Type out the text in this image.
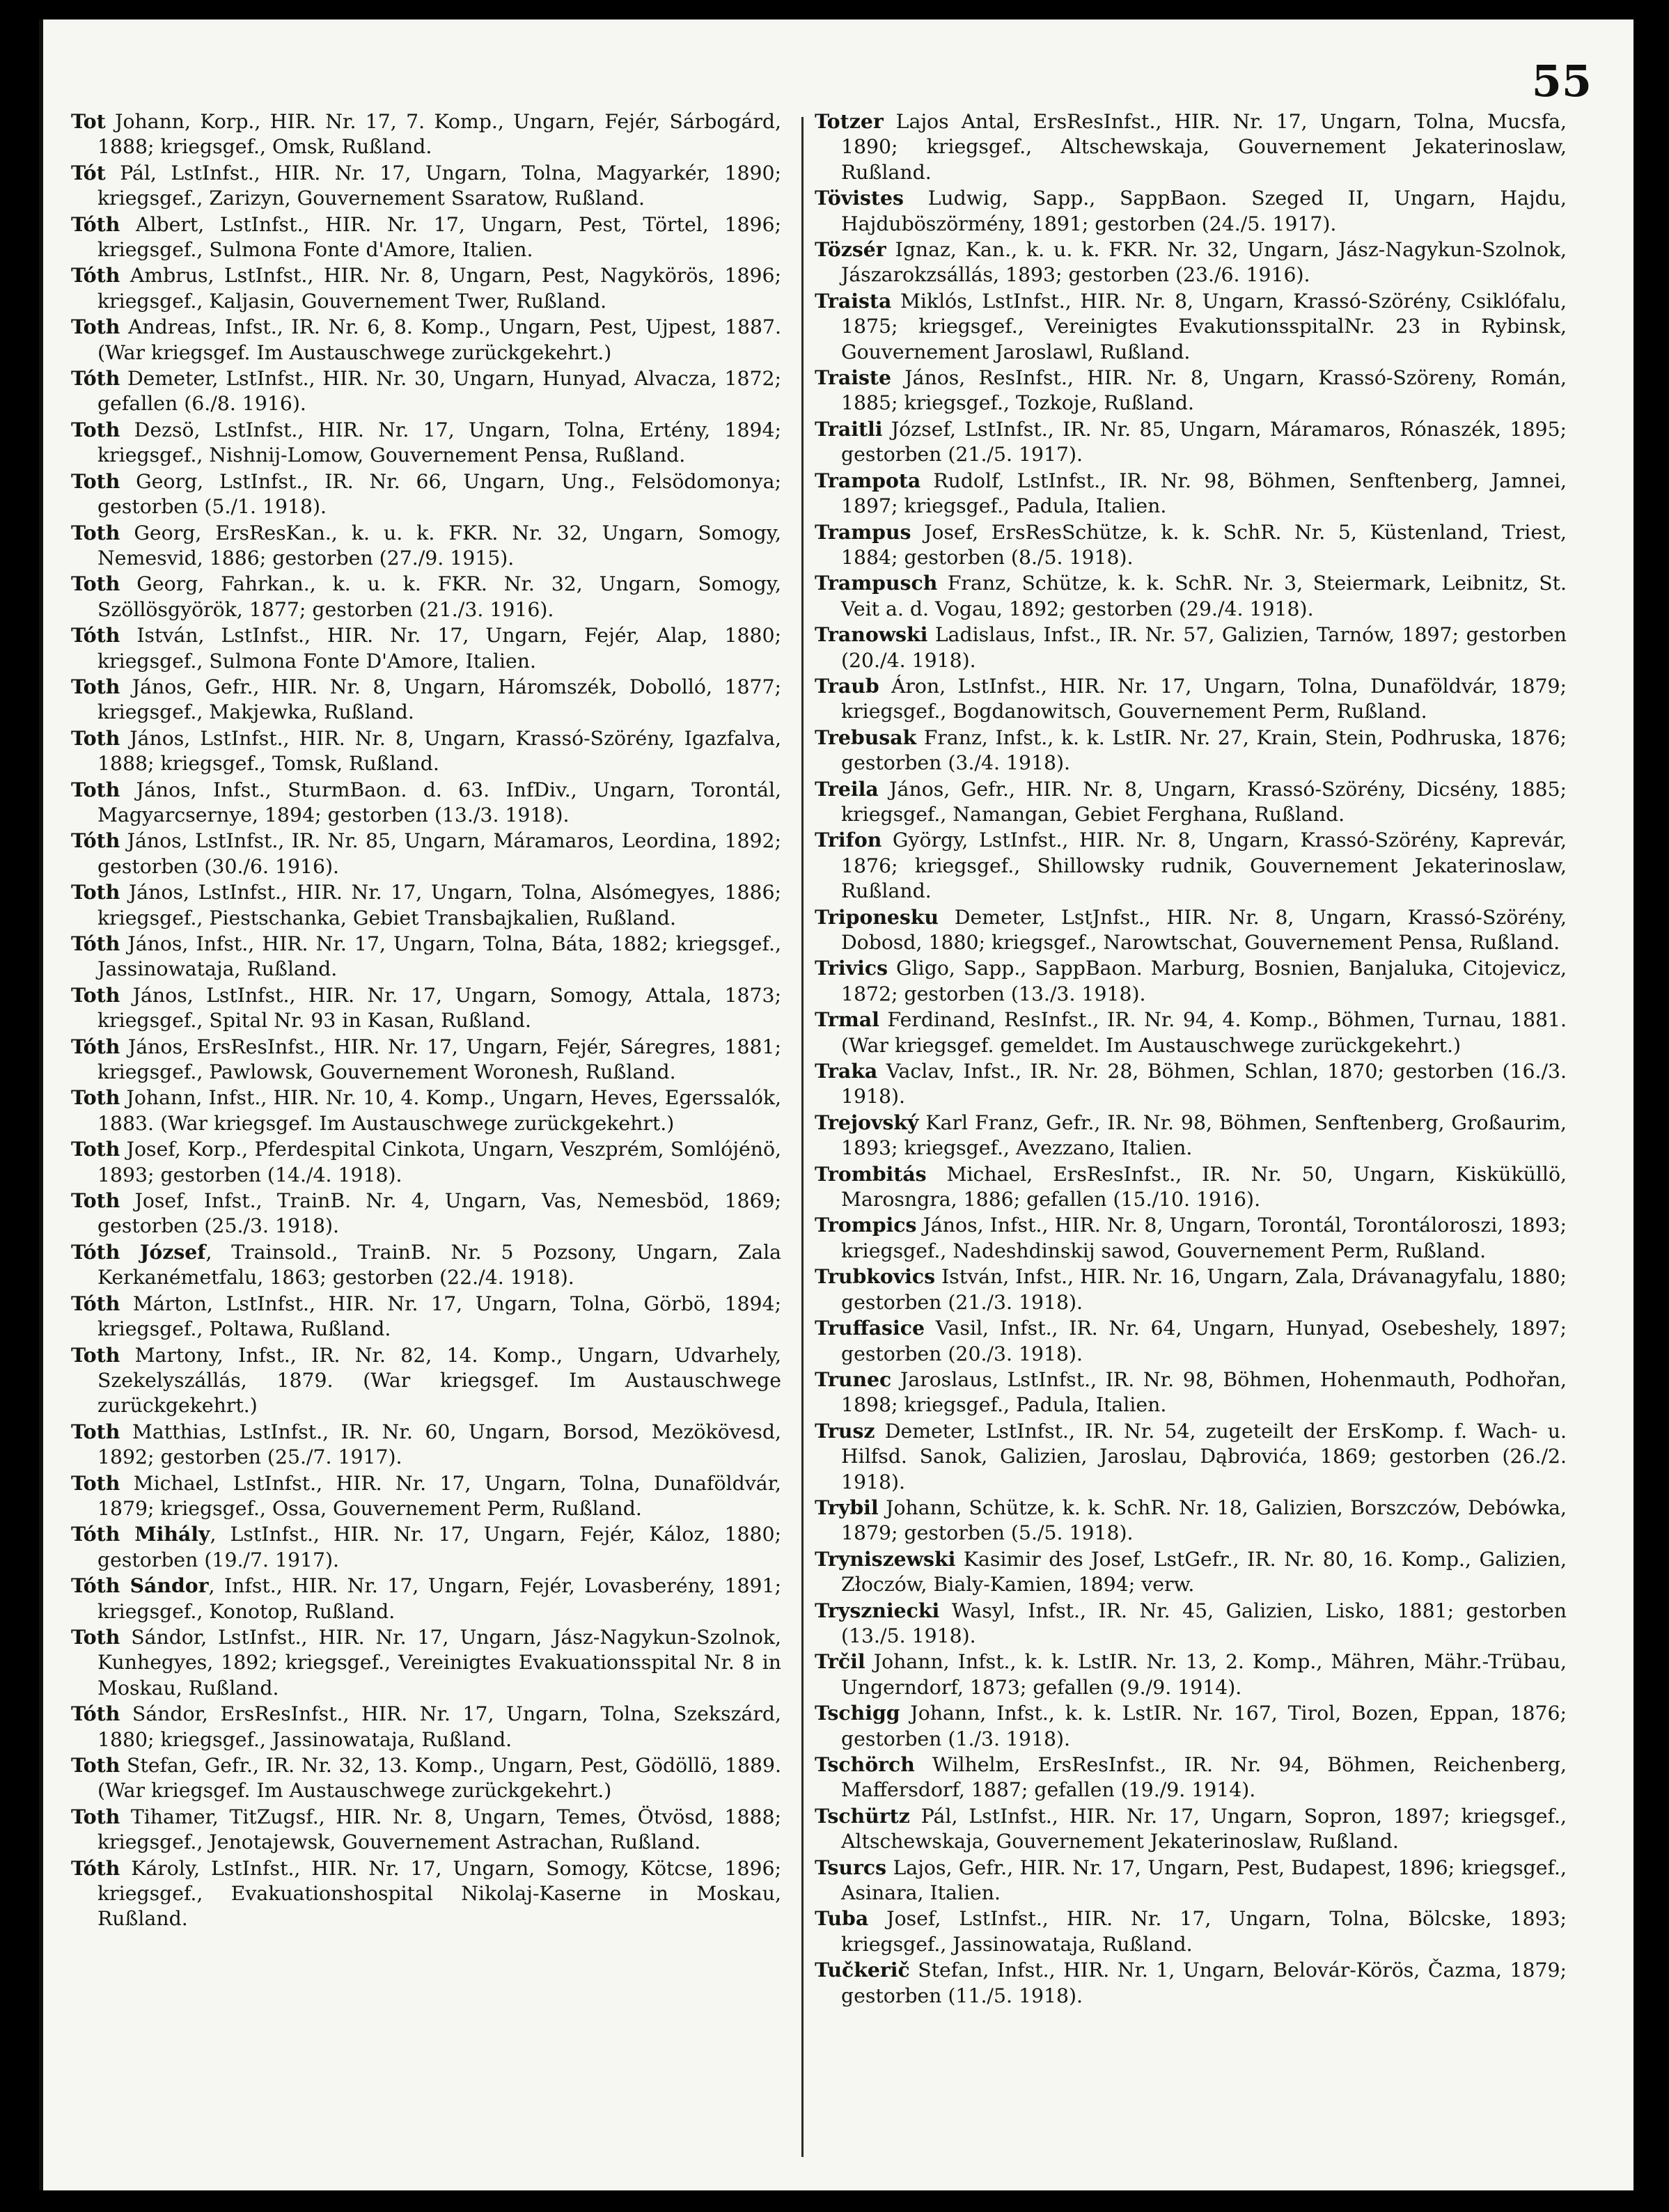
55

Tot Johann, Korp., HIR. Nr. 17, 7. Komp., Ungarn, Fejér, Sárbogárd, 1888; kriegsgef., Omsk, Rußland.

Tót Pál, LstInfst., HIR. Nr. 17, Ungarn, Tolna, Magyarkér, 1890; kriegsgef., Zarizyn, Gouvernement Ssaratow, Rußland.

Tóth Albert, LstInfst., HIR. Nr. 17, Ungarn, Pest, Törtel, 1896; kriegsgef., Sulmona Fonte d'Amore, Italien.

Tóth Ambrus, LstInfst., HIR. Nr. 8, Ungarn, Pest, Nagykörös, 1896; kriegsgef., Kaljasin, Gouvernement Twer, Rußland.

Toth Andreas, Infst., IR. Nr. 6, 8. Komp., Ungarn, Pest, Ujpest, 1887. (War kriegsgef. Im Austauschwege zurückgekehrt.)

Tóth Demeter, LstInfst., HIR. Nr. 30, Ungarn, Hunyad, Alvacza, 1872; gefallen (6./8. 1916).

Toth Dezsö, LstInfst., HIR. Nr. 17, Ungarn, Tolna, Ertény, 1894; kriegsgef., Nishnij-Lomow, Gouvernement Pensa, Rußland.

Toth Georg, LstInfst., IR. Nr. 66, Ungarn, Ung., Felsödomonya; gestorben (5./1. 1918).

Toth Georg, ErsResKan., k. u. k. FKR. Nr. 32, Ungarn, Somogy, Nemesvid, 1886; gestorben (27./9. 1915).

Toth Georg, Fahrkan., k. u. k. FKR. Nr. 32, Ungarn, Somogy, Szöllösgyörök, 1877; gestorben (21./3. 1916).

Tóth István, LstInfst., HIR. Nr. 17, Ungarn, Fejér, Alap, 1880; kriegsgef., Sulmona Fonte D'Amore, Italien.

Toth János, Gefr., HIR. Nr. 8, Ungarn, Háromszék, Dobolló, 1877; kriegsgef., Makjewka, Rußland.

Toth János, LstInfst., HIR. Nr. 8, Ungarn, Krassó-Szörény, Igazfalva, 1888; kriegsgef., Tomsk, Rußland.

Toth János, Infst., SturmBaon. d. 63. InfDiv., Ungarn, Torontál, Magyarcsernye, 1894; gestorben (13./3. 1918).

Tóth János, LstInfst., IR. Nr. 85, Ungarn, Máramaros, Leordina, 1892; gestorben (30./6. 1916).

Toth János, LstInfst., HIR. Nr. 17, Ungarn, Tolna, Alsómegyes, 1886; kriegsgef., Piestschanka, Gebiet Transbajkalien, Rußland.

Tóth János, Infst., HIR. Nr. 17, Ungarn, Tolna, Báta, 1882; kriegsgef., Jassinowataja, Rußland.

Toth János, LstInfst., HIR. Nr. 17, Ungarn, Somogy, Attala, 1873; kriegsgef., Spital Nr. 93 in Kasan, Rußland.

Tóth János, ErsResInfst., HIR. Nr. 17, Ungarn, Fejér, Sáregres, 1881; kriegsgef., Pawlowsk, Gouvernement Woronesh, Rußland.

Toth Johann, Infst., HIR. Nr. 10, 4. Komp., Ungarn, Heves, Egerssalók, 1883. (War kriegsgef. Im Austauschwege zurückgekehrt.)

Toth Josef, Korp., Pferdespital Cinkota, Ungarn, Veszprém, Somlójénö, 1893; gestorben (14./4. 1918).

Toth Josef, Infst., TrainB. Nr. 4, Ungarn, Vas, Nemesböd, 1869; gestorben (25./3. 1918).

Tóth József, Trainsold., TrainB. Nr. 5 Pozsony, Ungarn, Zala Kerkanémetfalu, 1863; gestorben (22./4. 1918).

Tóth Márton, LstInfst., HIR. Nr. 17, Ungarn, Tolna, Görbö, 1894; kriegsgef., Poltawa, Rußland.

Toth Martony, Infst., IR. Nr. 82, 14. Komp., Ungarn, Udvarhely, Szekelyszállás, 1879. (War kriegsgef. Im Austauschwege zurückgekehrt.)

Toth Matthias, LstInfst., IR. Nr. 60, Ungarn, Borsod, Mezökövesd, 1892; gestorben (25./7. 1917).

Toth Michael, LstInfst., HIR. Nr. 17, Ungarn, Tolna, Dunaföldvár, 1879; kriegsgef., Ossa, Gouvernement Perm, Rußland.

Tóth Mihály, LstInfst., HIR. Nr. 17, Ungarn, Fejér, Káloz, 1880; gestorben (19./7. 1917).

Tóth Sándor, Infst., HIR. Nr. 17, Ungarn, Fejér, Lovasberény, 1891; kriegsgef., Konotop, Rußland.

Toth Sándor, LstInfst., HIR. Nr. 17, Ungarn, Jász-Nagykun-Szolnok, Kunhegyes, 1892; kriegsgef., Vereinigtes Evakuationsspital Nr. 8 in Moskau, Rußland.

Tóth Sándor, ErsResInfst., HIR. Nr. 17, Ungarn, Tolna, Szekszárd, 1880; kriegsgef., Jassinowataja, Rußland.

Toth Stefan, Gefr., IR. Nr. 32, 13. Komp., Ungarn, Pest, Gödöllö, 1889. (War kriegsgef. Im Austauschwege zurückgekehrt.)

Toth Tihamer, TitZugsf., HIR. Nr. 8, Ungarn, Temes, Ötvösd, 1888; kriegsgef., Jenotajewsk, Gouvernement Astrachan, Rußland.

Tóth Károly, LstInfst., HIR. Nr. 17, Ungarn, Somogy, Kötcse, 1896; kriegsgef., Evakuationshospital Nikolaj-Kaserne in Moskau, Rußland.

Totzer Lajos Antal, ErsResInfst., HIR. Nr. 17, Ungarn, Tolna, Mucsfa, 1890; kriegsgef., Altschewskaja, Gouvernement Jekaterinoslaw, Rußland.

Tövistes Ludwig, Sapp., SappBaon. Szeged II, Ungarn, Hajdu, Hajduböszörmény, 1891; gestorben (24./5. 1917).

Tözsér Ignaz, Kan., k. u. k. FKR. Nr. 32, Ungarn, Jász-Nagykun-Szolnok, Jászarokzsállás, 1893; gestorben (23./6. 1916).

Traista Miklós, LstInfst., HIR. Nr. 8, Ungarn, Krassó-Szörény, Csiklófalu, 1875; kriegsgef., Vereinigtes EvakutionsspitalNr. 23 in Rybinsk, Gouvernement Jaroslawl, Rußland.

Traiste János, ResInfst., HIR. Nr. 8, Ungarn, Krassó-Szöreny, Román, 1885; kriegsgef., Tozkoje, Rußland.

Traitli József, LstInfst., IR. Nr. 85, Ungarn, Máramaros, Rónaszék, 1895; gestorben (21./5. 1917).

Trampota Rudolf, LstInfst., IR. Nr. 98, Böhmen, Senftenberg, Jamnei, 1897; kriegsgef., Padula, Italien.

Trampus Josef, ErsResSchütze, k. k. SchR. Nr. 5, Küstenland, Triest, 1884; gestorben (8./5. 1918).

Trampusch Franz, Schütze, k. k. SchR. Nr. 3, Steiermark, Leibnitz, St. Veit a. d. Vogau, 1892; gestorben (29./4. 1918).

Tranowski Ladislaus, Infst., IR. Nr. 57, Galizien, Tarnów, 1897; gestorben (20./4. 1918).

Traub Áron, LstInfst., HIR. Nr. 17, Ungarn, Tolna, Dunaföldvár, 1879; kriegsgef., Bogdanowitsch, Gouvernement Perm, Rußland.

Trebusak Franz, Infst., k. k. LstIR. Nr. 27, Krain, Stein, Podhruska, 1876; gestorben (3./4. 1918).

Treila János, Gefr., HIR. Nr. 8, Ungarn, Krassó-Szörény, Dicsény, 1885; kriegsgef., Namangan, Gebiet Ferghana, Rußland.

Trifon György, LstInfst., HIR. Nr. 8, Ungarn, Krassó-Szörény, Kaprevár, 1876; kriegsgef., Shillowsky rudnik, Gouvernement Jekaterinoslaw, Rußland.

Triponesku Demeter, LstJnfst., HIR. Nr. 8, Ungarn, Krassó-Szörény, Dobosd, 1880; kriegsgef., Narowtschat, Gouvernement Pensa, Rußland.

Trivics Gligo, Sapp., SappBaon. Marburg, Bosnien, Banjaluka, Citojevicz, 1872; gestorben (13./3. 1918).

Trmal Ferdinand, ResInfst., IR. Nr. 94, 4. Komp., Böhmen, Turnau, 1881. (War kriegsgef. gemeldet. Im Austauschwege zurückgekehrt.)

Traka Vaclav, Infst., IR. Nr. 28, Böhmen, Schlan, 1870; gestorben (16./3. 1918).

Trejovský Karl Franz, Gefr., IR. Nr. 98, Böhmen, Senftenberg, Großaurim, 1893; kriegsgef., Avezzano, Italien.

Trombitás Michael, ErsResInfst., IR. Nr. 50, Ungarn, Kisküküllö, Marosngra, 1886; gefallen (15./10. 1916).

Trompics János, Infst., HIR. Nr. 8, Ungarn, Torontál, Torontáloroszi, 1893; kriegsgef., Nadeshdinskij sawod, Gouvernement Perm, Rußland.

Trubkovics István, Infst., HIR. Nr. 16, Ungarn, Zala, Drávanagyfalu, 1880; gestorben (21./3. 1918).

Truffasice Vasil, Infst., IR. Nr. 64, Ungarn, Hunyad, Osebeshely, 1897; gestorben (20./3. 1918).

Trunec Jaroslaus, LstInfst., IR. Nr. 98, Böhmen, Hohenmauth, Podhořan, 1898; kriegsgef., Padula, Italien.

Trusz Demeter, LstInfst., IR. Nr. 54, zugeteilt der ErsKomp. f. Wach- u. Hilfsd. Sanok, Galizien, Jaroslau, Dąbrovića, 1869; gestorben (26./2. 1918).

Trybil Johann, Schütze, k. k. SchR. Nr. 18, Galizien, Borszczów, Debówka, 1879; gestorben (5./5. 1918).

Tryniszewski Kasimir des Josef, LstGefr., IR. Nr. 80, 16. Komp., Galizien, Złoczów, Bialy-Kamien, 1894; verw.

Tryszniecki Wasyl, Infst., IR. Nr. 45, Galizien, Lisko, 1881; gestorben (13./5. 1918).

Trčil Johann, Infst., k. k. LstIR. Nr. 13, 2. Komp., Mähren, Mähr.-Trübau, Ungerndorf, 1873; gefallen (9./9. 1914).

Tschigg Johann, Infst., k. k. LstIR. Nr. 167, Tirol, Bozen, Eppan, 1876; gestorben (1./3. 1918).

Tschörch Wilhelm, ErsResInfst., IR. Nr. 94, Böhmen, Reichenberg, Maffersdorf, 1887; gefallen (19./9. 1914).

Tschürtz Pál, LstInfst., HIR. Nr. 17, Ungarn, Sopron, 1897; kriegsgef., Altschewskaja, Gouvernement Jekaterinoslaw, Rußland.

Tsurcs Lajos, Gefr., HIR. Nr. 17, Ungarn, Pest, Budapest, 1896; kriegsgef., Asinara, Italien.

Tuba Josef, LstInfst., HIR. Nr. 17, Ungarn, Tolna, Bölcske, 1893; kriegsgef., Jassinowataja, Rußland.

Tučkerič Stefan, Infst., HIR. Nr. 1, Ungarn, Belovár-Körös, Čazma, 1879; gestorben (11./5. 1918).
